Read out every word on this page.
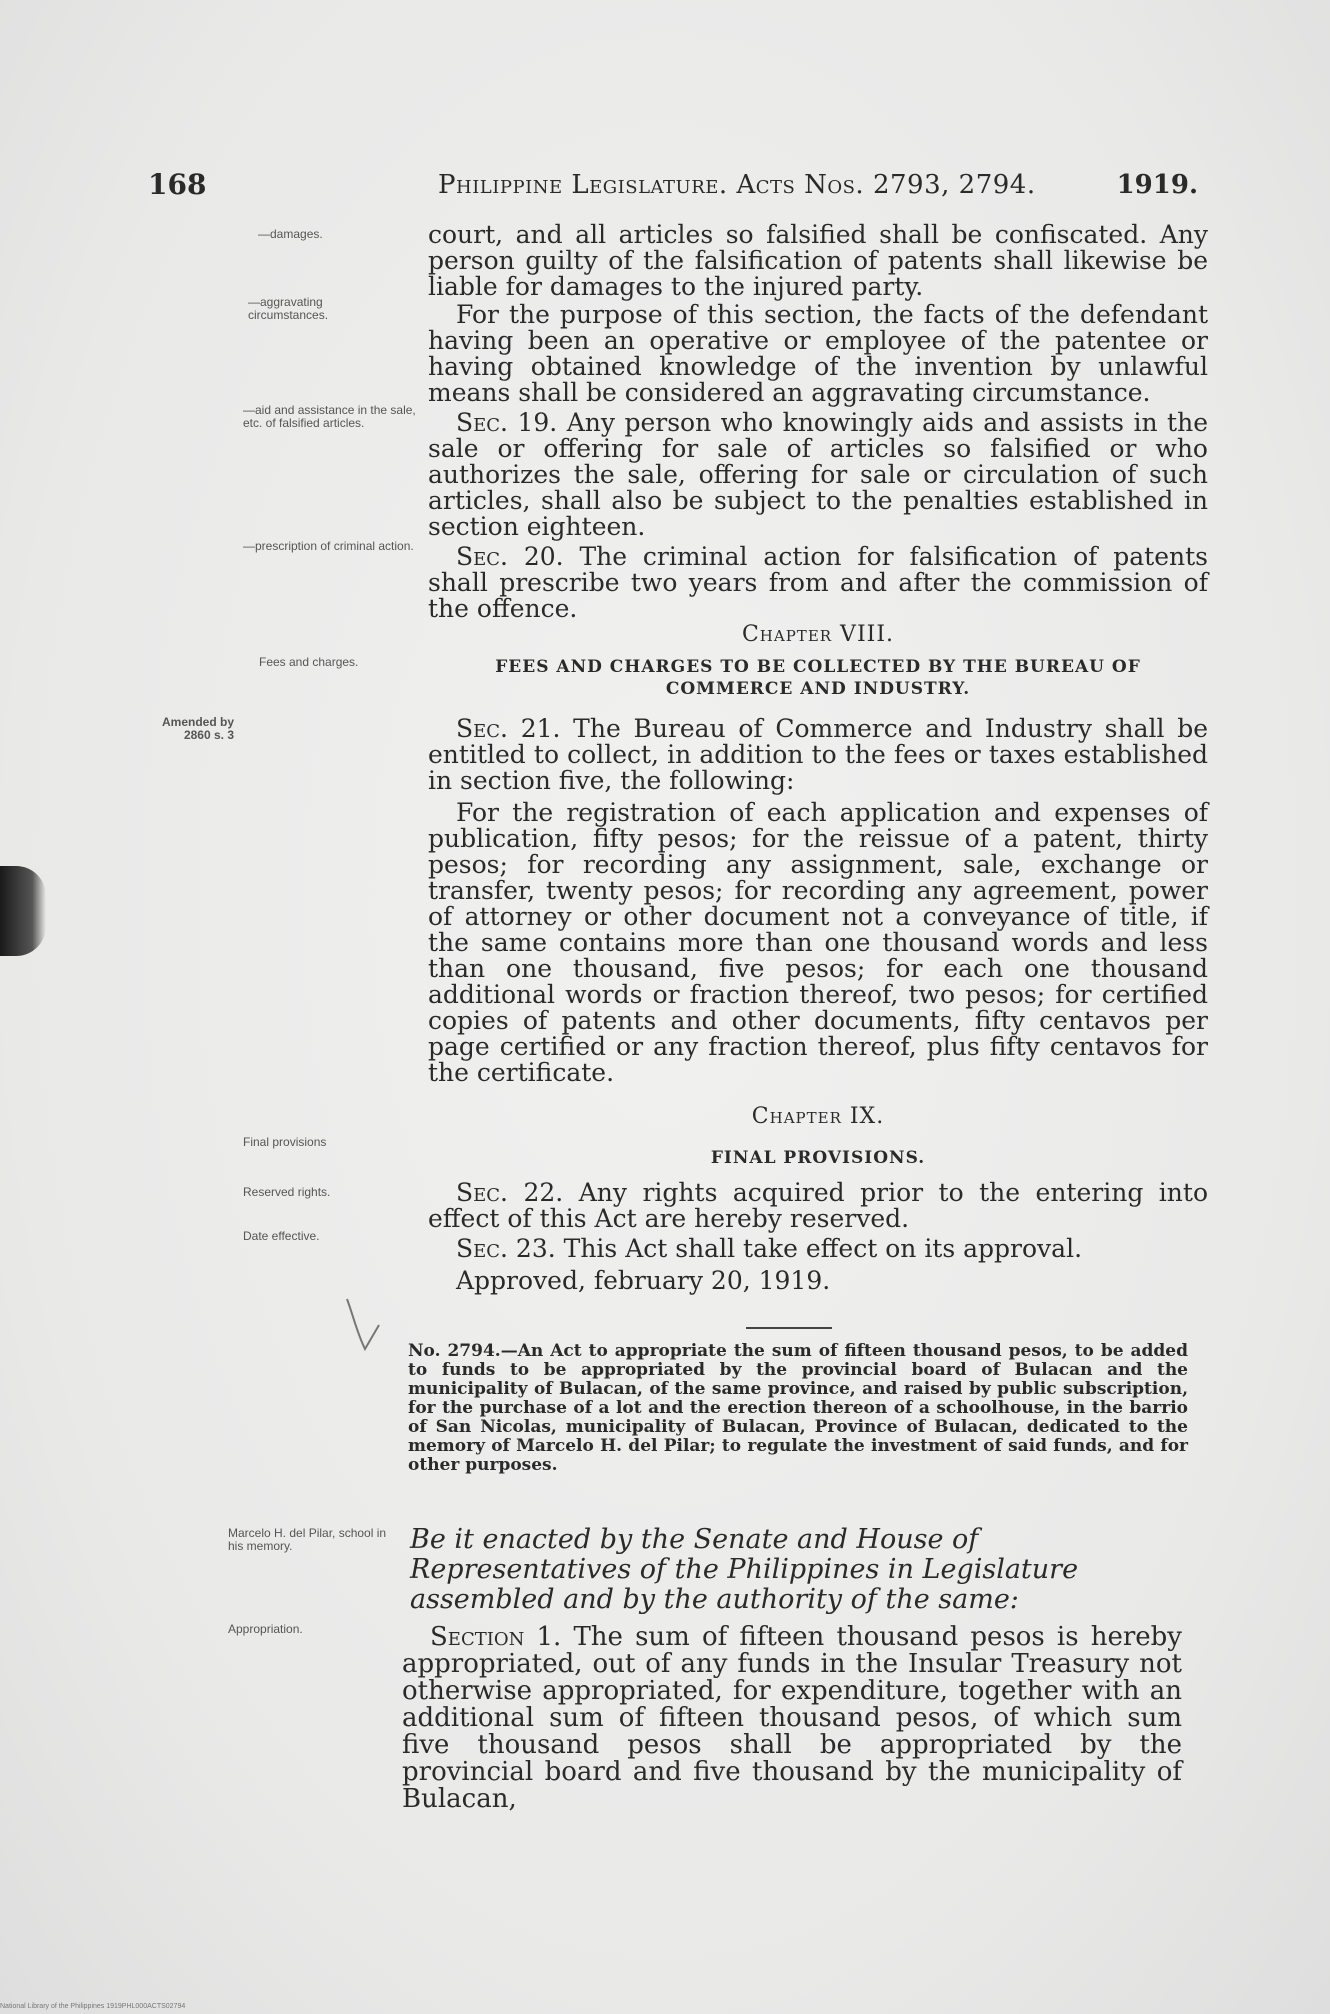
168	Philippine Legislature. Acts Nos. 2793, 2794.	1919.
—damages.
—aggravating circumstances.
—aid and assistance in the sale, etc. of falsified articles.
—prescription of criminal action.
Fees and charges.
Amended by 2860 s. 3
Final provisions
Reserved rights.
Date effective.
Marcelo H. del Pilar, school in his memory.
Appropriation.

court, and all articles so falsified shall be confiscated. Any person guilty of the falsification of patents shall likewise be liable for damages to the injured party.

For the purpose of this section, the facts of the defendant having been an operative or employee of the patentee or having obtained knowledge of the invention by unlawful means shall be considered an aggravating circumstance.

Sec. 19. Any person who knowingly aids and assists in the sale or offering for sale of articles so falsified or who authorizes the sale, offering for sale or circulation of such articles, shall also be subject to the penalties established in section eighteen.

Sec. 20. The criminal action for falsification of patents shall prescribe two years from and after the commission of the offence.

Chapter VIII.
FEES AND CHARGES TO BE COLLECTED BY THE BUREAU OF COMMERCE AND INDUSTRY.

Sec. 21. The Bureau of Commerce and Industry shall be entitled to collect, in addition to the fees or taxes established in section five, the following:

For the registration of each application and expenses of publication, fifty pesos; for the reissue of a patent, thirty pesos; for recording any assignment, sale, exchange or transfer, twenty pesos; for recording any agreement, power of attorney or other document not a conveyance of title, if the same contains more than one thousand words and less than one thousand, five pesos; for each one thousand additional words or fraction thereof, two pesos; for certified copies of patents and other documents, fifty centavos per page certified or any fraction thereof, plus fifty centavos for the certificate.

Chapter IX.
FINAL PROVISIONS.

Sec. 22. Any rights acquired prior to the entering into effect of this Act are hereby reserved.

Sec. 23. This Act shall take effect on its approval.

Approved, february 20, 1919.

No. 2794.—An Act to appropriate the sum of fifteen thousand pesos, to be added to funds to be appropriated by the provincial board of Bulacan and the municipality of Bulacan, of the same province, and raised by public subscription, for the purchase of a lot and the erection thereon of a schoolhouse, in the barrio of San Nicolas, municipality of Bulacan, Province of Bulacan, dedicated to the memory of Marcelo H. del Pilar; to regulate the investment of said funds, and for other purposes.
Be it enacted by the Senate and House of Representatives of the Philippines in Legislature assembled and by the authority of the same:

Section 1. The sum of fifteen thousand pesos is hereby appropriated, out of any funds in the Insular Treasury not otherwise appropriated, for expenditure, together with an additional sum of fifteen thousand pesos, of which sum five thousand pesos shall be appropriated by the provincial board and five thousand by the municipality of Bulacan,

National Library of the Philippines 1919PHL000ACTS02794
